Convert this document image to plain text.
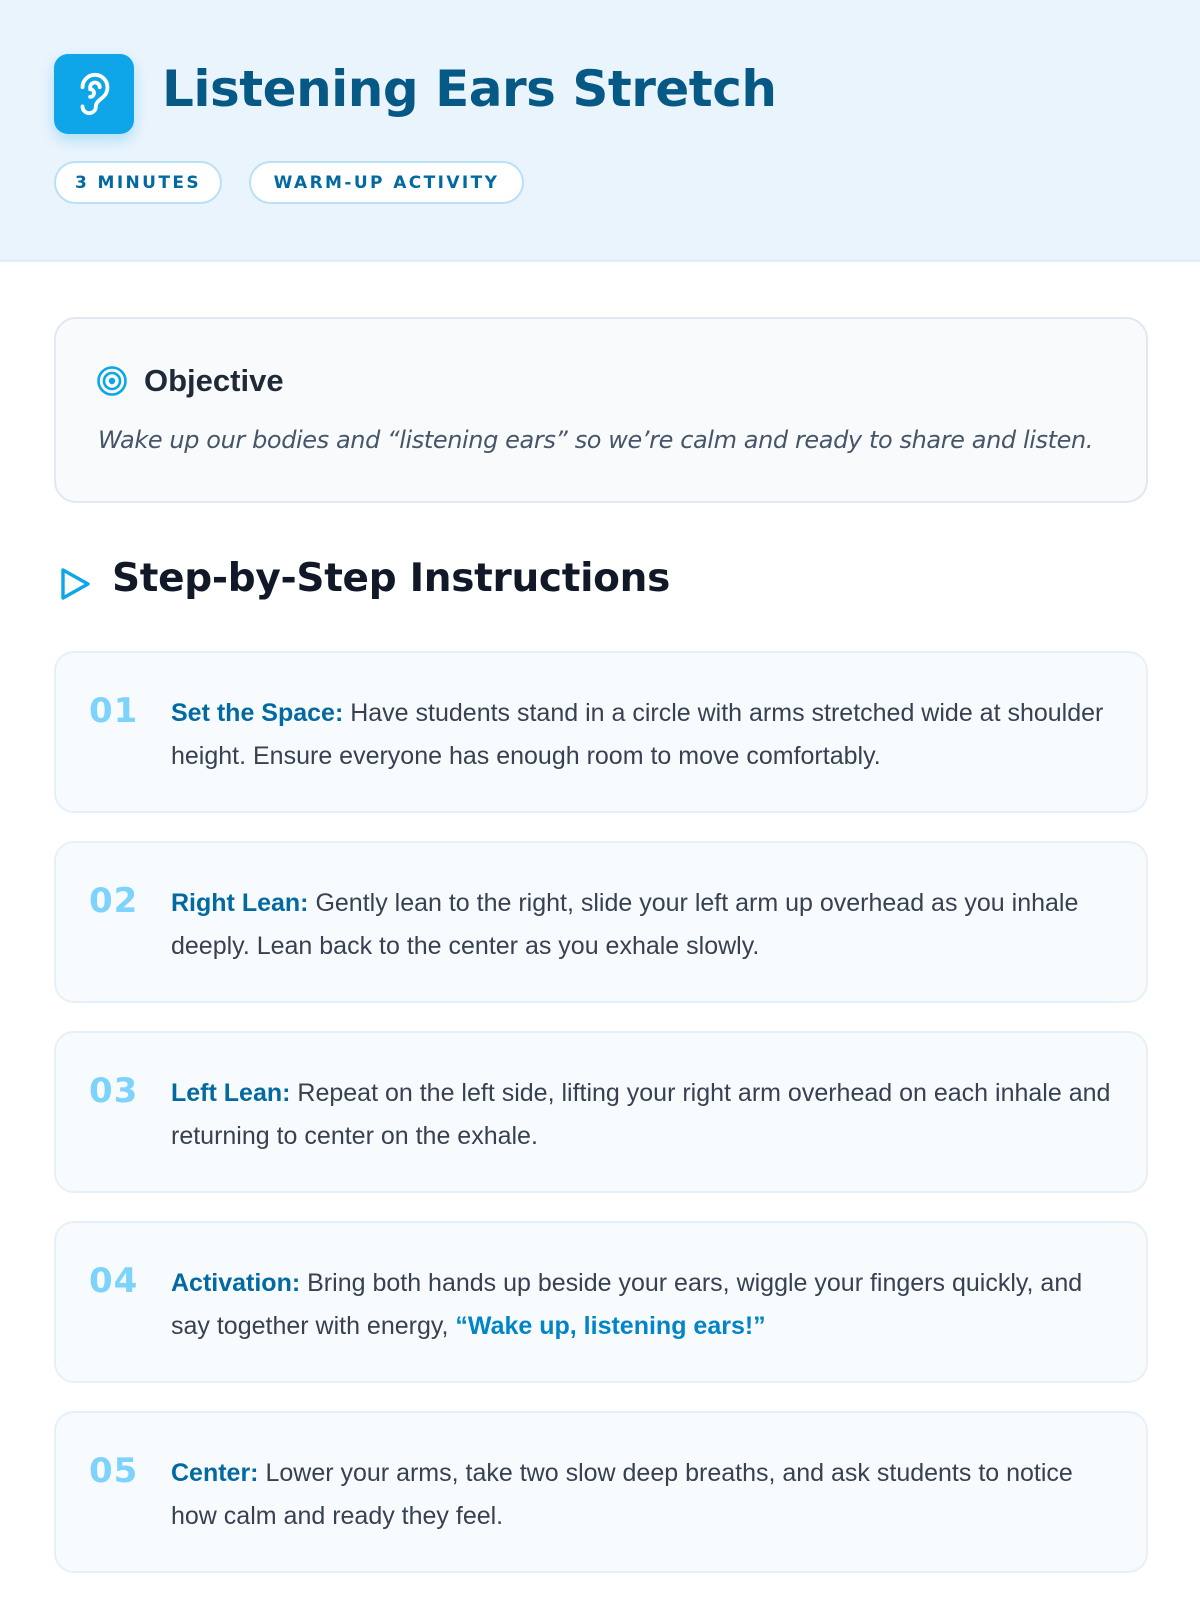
Listening Ears Stretch
3 MINUTES	WARM-UP ACTIVITY
Objective
Wake up our bodies and “listening ears” so we’re calm and ready to share and listen.
Step-by-Step Instructions
01 Set the Space: Have students stand in a circle with arms stretched wide at shoulder height. Ensure everyone has enough room to move comfortably.
02 Right Lean: Gently lean to the right, slide your left arm up overhead as you inhale deeply. Lean back to the center as you exhale slowly.
03 Left Lean: Repeat on the left side, lifting your right arm overhead on each inhale and returning to center on the exhale.
04 Activation: Bring both hands up beside your ears, wiggle your fingers quickly, and say together with energy, “Wake up, listening ears!”
05 Center: Lower your arms, take two slow deep breaths, and ask students to notice how calm and ready they feel.
